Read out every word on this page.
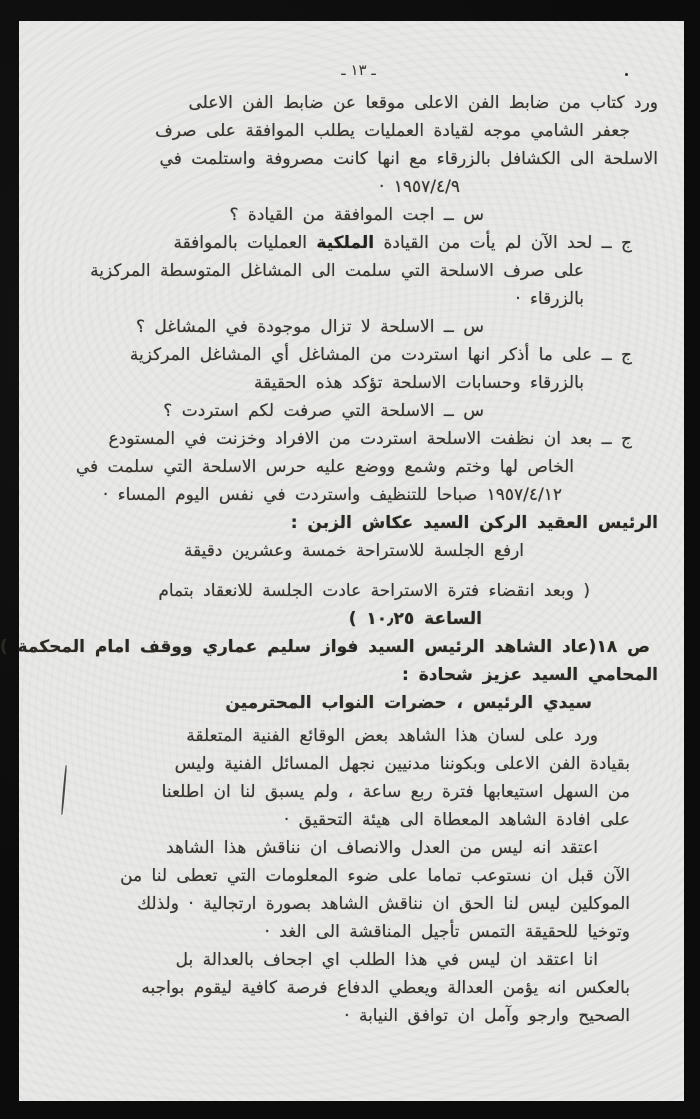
ـ ١٣ ـ
ورد كتاب من ضابط الفن الاعلى موقعا عن ضابط الفن الاعلى
جعفر الشامي موجه لقيادة العمليات يطلب الموافقة على صرف
الاسلحة الى الكشافل بالزرقاء مع انها كانت مصروفة واستلمت في
١٩٥٧/٤/٩ ·
س ــ اجت الموافقة من القيادة ؟
ج ــ لحد الآن لم يأت من القيادة الملكية العمليات بالموافقة
على صرف الاسلحة التي سلمت الى المشاغل المتوسطة المركزية
بالزرقاء ·
س ــ الاسلحة لا تزال موجودة في المشاغل ؟
ج ــ على ما أذكر انها استردت من المشاغل أي المشاغل المركزية
بالزرقاء وحسابات الاسلحة تؤكد هذه الحقيقة
س ــ الاسلحة التي صرفت لكم استردت ؟
ج ــ بعد ان نظفت الاسلحة استردت من الافراد وخزنت في المستودع
الخاص لها وختم وشمع ووضع عليه حرس الاسلحة التي سلمت في
١٩٥٧/٤/١٢ صباحا للتنظيف واستردت في نفس اليوم المساء ·
الرئيس العقيد الركن السيد عكاش الزبن :
ارفع الجلسة للاستراحة خمسة وعشرين دقيقة
( وبعد انقضاء فترة الاستراحة عادت الجلسة للانعقاد بتمام
الساعة ١٠٫٢٥ )
ص ١٨
(عاد الشاهد الرئيس السيد فواز سليم عماري ووقف امام المحكمة )
المحامي السيد عزيز شحادة :
سيدي الرئيس ، حضرات النواب المحترمين
ورد على لسان هذا الشاهد بعض الوقائع الفنية المتعلقة
بقيادة الفن الاعلى وبكوننا مدنيين نجهل المسائل الفنية وليس
من السهل استيعابها فترة ربع ساعة ، ولم يسبق لنا ان اطلعنا
على افادة الشاهد المعطاة الى هيئة التحقيق ·
اعتقد انه ليس من العدل والانصاف ان نناقش هذا الشاهد
الآن قبل ان نستوعب تماما على ضوء المعلومات التي تعطى لنا من
الموكلين ليس لنا الحق ان نناقش الشاهد بصورة ارتجالية · ولذلك
وتوخيا للحقيقة التمس تأجيل المناقشة الى الغد ·
انا اعتقد ان ليس في هذا الطلب اي اجحاف بالعدالة بل
بالعكس انه يؤمن العدالة ويعطي الدفاع فرصة كافية ليقوم بواجبه
الصحيح وارجو وآمل ان توافق النيابة ·
